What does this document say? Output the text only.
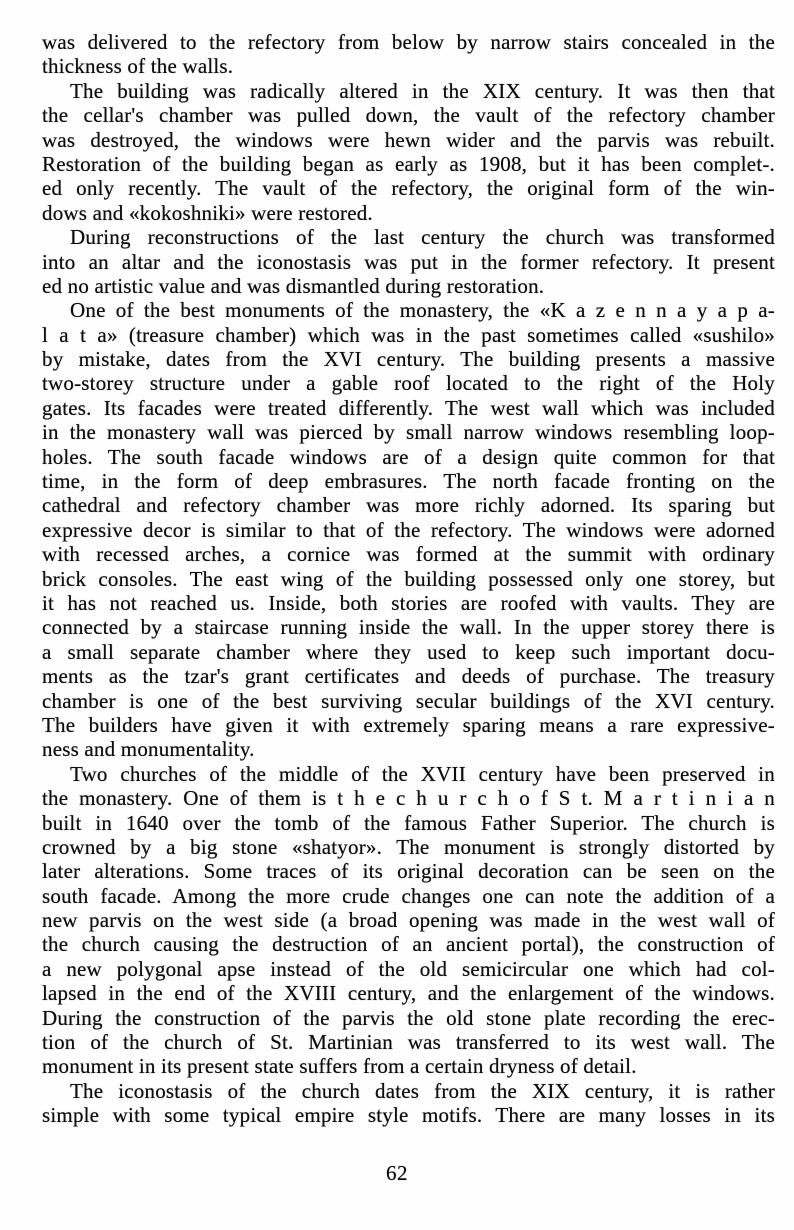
was delivered to the refectory from below by narrow stairs concealed in the
thickness of the walls.
The building was radically altered in the XIX century. It was then that
the cellar's chamber was pulled down, the vault of the refectory chamber
was destroyed, the windows were hewn wider and the parvis was rebuilt.
Restoration of the building began as early as 1908, but it has been complet-.
ed only recently. The vault of the refectory, the original form of the win-
dows and «kokoshniki» were restored.
During reconstructions of the last century the church was transformed
into an altar and the iconostasis was put in the former refectory. It present
ed no artistic value and was dismantled during restoration.
One of the best monuments of the monastery, the «K a z e n n a y a p a-
l a t a» (treasure chamber) which was in the past sometimes called «sushilo»
by mistake, dates from the XVI century. The building presents a massive
two-storey structure under a gable roof located to the right of the Holy
gates. Its facades were treated differently. The west wall which was included
in the monastery wall was pierced by small narrow windows resembling loop-
holes. The south facade windows are of a design quite common for that
time, in the form of deep embrasures. The north facade fronting on the
cathedral and refectory chamber was more richly adorned. Its sparing but
expressive decor is similar to that of the refectory. The windows were adorned
with recessed arches, a cornice was formed at the summit with ordinary
brick consoles. The east wing of the building possessed only one storey, but
it has not reached us. Inside, both stories are roofed with vaults. They are
connected by a staircase running inside the wall. In the upper storey there is
a small separate chamber where they used to keep such important docu-
ments as the tzar's grant certificates and deeds of purchase. The treasury
chamber is one of the best surviving secular buildings of the XVI century.
The builders have given it with extremely sparing means a rare expressive-
ness and monumentality.
Two churches of the middle of the XVII century have been preserved in
the monastery. One of them is t h e c h u r c h o f S t. M a r t i n i a n
built in 1640 over the tomb of the famous Father Superior. The church is
crowned by a big stone «shatyor». The monument is strongly distorted by
later alterations. Some traces of its original decoration can be seen on the
south facade. Among the more crude changes one can note the addition of a
new parvis on the west side (a broad opening was made in the west wall of
the church causing the destruction of an ancient portal), the construction of
a new polygonal apse instead of the old semicircular one which had col-
lapsed in the end of the XVIII century, and the enlargement of the windows.
During the construction of the parvis the old stone plate recording the erec-
tion of the church of St. Martinian was transferred to its west wall. The
monument in its present state suffers from a certain dryness of detail.
The iconostasis of the church dates from the XIX century, it is rather
simple with some typical empire style motifs. There are many losses in its
62
